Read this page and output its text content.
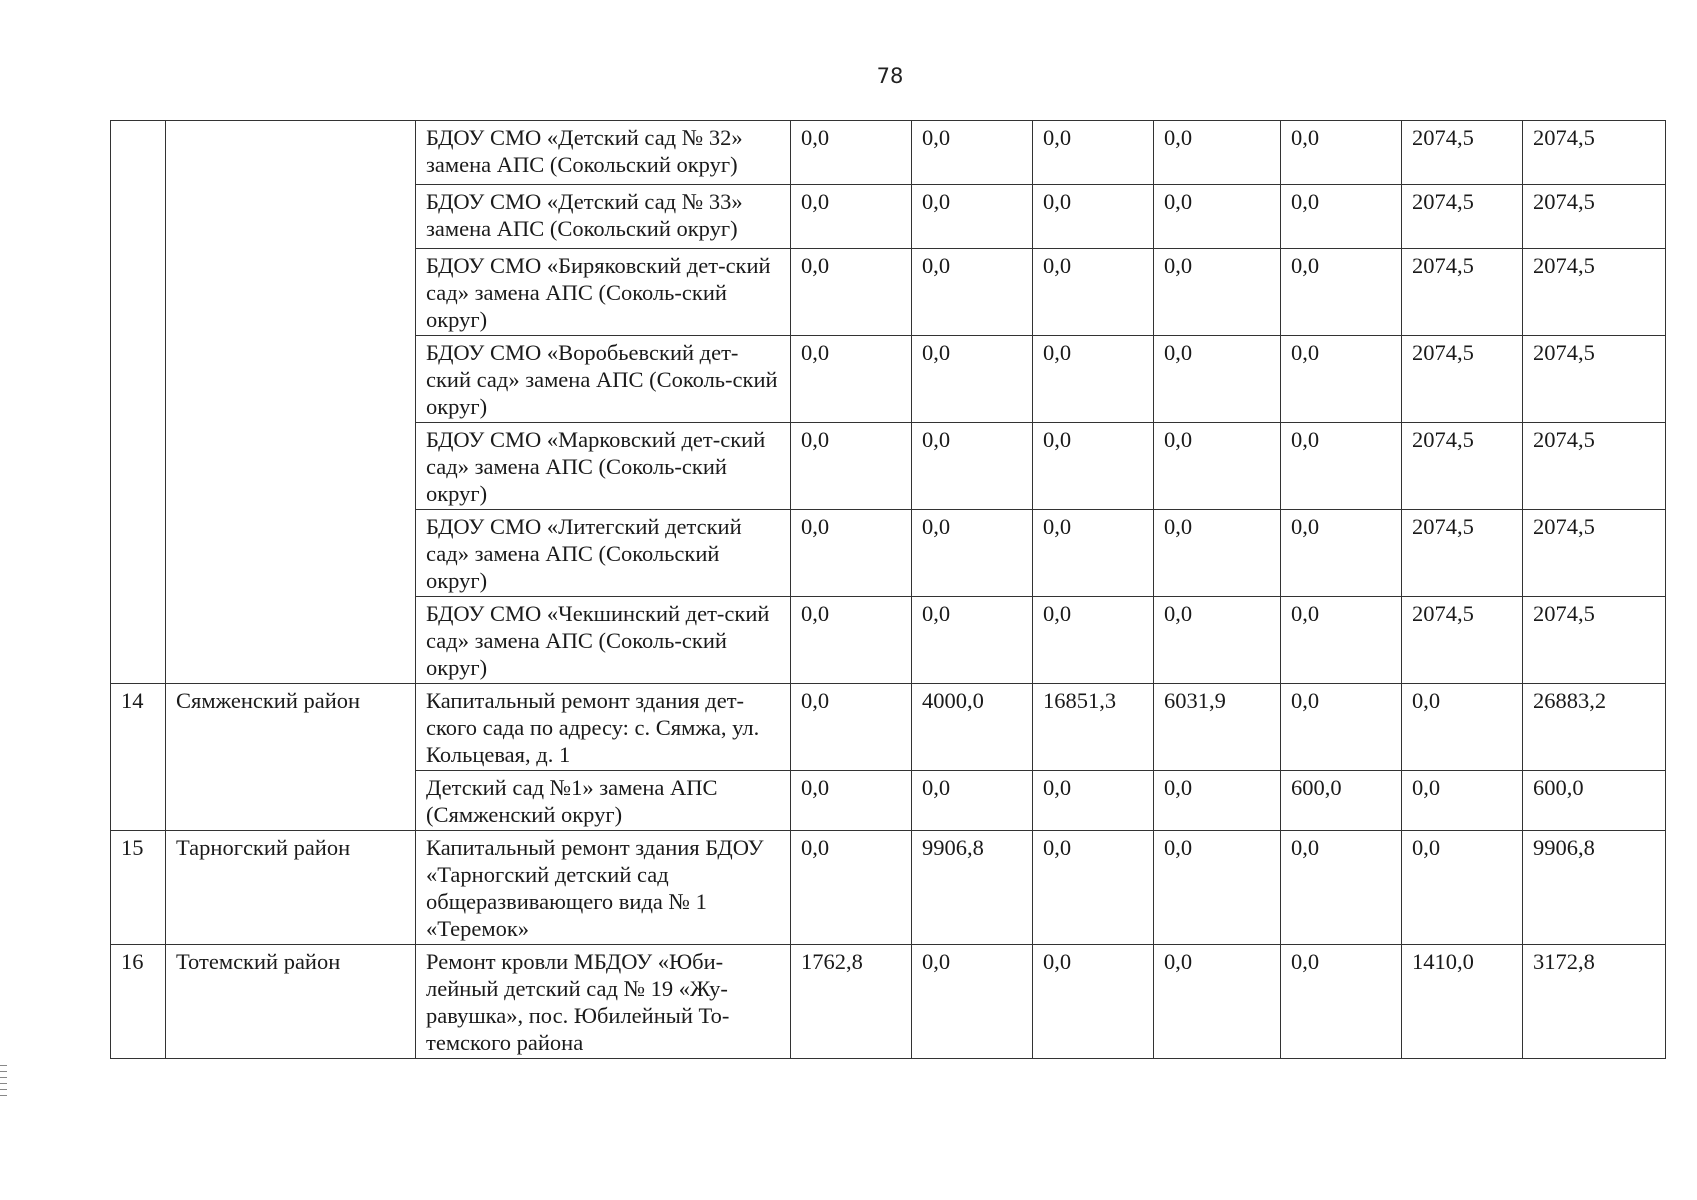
78
		БДОУ СМО «Детский сад № 32» замена АПС (Сокольский округ)	0,0	0,0	0,0	0,0	0,0	2074,5	2074,5
		БДОУ СМО «Детский сад № 33» замена АПС (Сокольский округ)	0,0	0,0	0,0	0,0	0,0	2074,5	2074,5
		БДОУ СМО «Биряковский дет-ский сад» замена АПС (Соколь-ский округ)	0,0	0,0	0,0	0,0	0,0	2074,5	2074,5
		БДОУ СМО «Воробьевский дет-ский сад» замена АПС (Соколь-ский округ)	0,0	0,0	0,0	0,0	0,0	2074,5	2074,5
		БДОУ СМО «Марковский дет-ский сад» замена АПС (Соколь-ский округ)	0,0	0,0	0,0	0,0	0,0	2074,5	2074,5
		БДОУ СМО «Литегский детский сад» замена АПС (Сокольский округ)	0,0	0,0	0,0	0,0	0,0	2074,5	2074,5
		БДОУ СМО «Чекшинский дет-ский сад» замена АПС (Соколь-ский округ)	0,0	0,0	0,0	0,0	0,0	2074,5	2074,5
14	Сямженский район	Капитальный ремонт здания дет-ского сада по адресу: с. Сямжа, ул. Кольцевая, д. 1	0,0	4000,0	16851,3	6031,9	0,0	0,0	26883,2
		Детский сад №1» замена АПС (Сямженский округ)	0,0	0,0	0,0	0,0	600,0	0,0	600,0
15	Тарногский район	Капитальный ремонт здания БДОУ «Тарногский детский сад общеразвивающего вида № 1 «Теремок»	0,0	9906,8	0,0	0,0	0,0	0,0	9906,8
16	Тотемский район	Ремонт кровли МБДОУ «Юби-лейный детский сад № 19 «Жу-равушка», пос. Юбилейный То-темского района	1762,8	0,0	0,0	0,0	0,0	1410,0	3172,8
